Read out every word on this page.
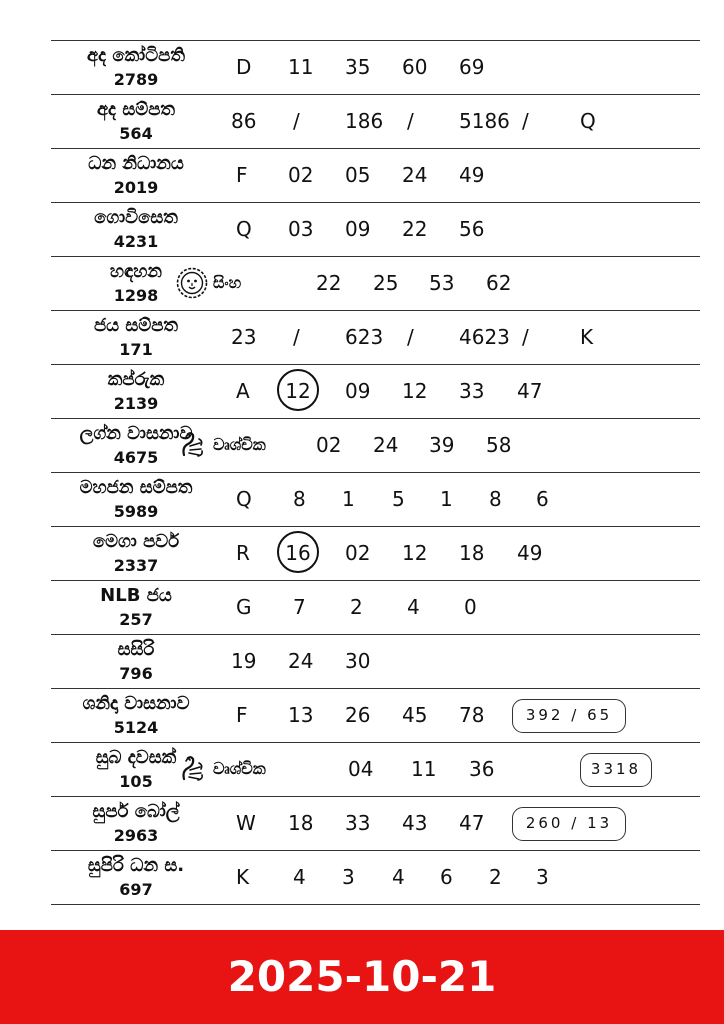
අද කෝටිපති
2789
D 11 35 60 69
අද සම්පත
564
86 / 186 / 5186 /	Q
ධන නිධානය
2019
F 02 05 24 49
ගොවිසෙත
4231
Q 03 09 22 56
හඳහන
1298
සිංහ	22 25 53 62
ජය සම්පත
171
23 / 623 / 4623 /	K
කප්රුක
2139
A	12	09 12 33 47
ලග්න වාසනාව
4675
වෘශ්චික	02 24 39 58
මහජන සම්පත
5989
Q 8 1 5 1 8 6
මෙගා පවර්
2337
R	16	02 12 18 49
NLB ජය
257
G 7 2 4 0
සසිරි
796
19 24 30
ශනිදා වාසනාව
5124
F 13 26 45 78	392 / 65
සුබ දවසක්
105
වෘශ්චික	04 11 36	3318
සුපර් බෝල්
2963
W 18 33 43 47	260 / 13
සුපිරි ධන ස.
697
K 4 3 4 6 2 3
2025-10-21
